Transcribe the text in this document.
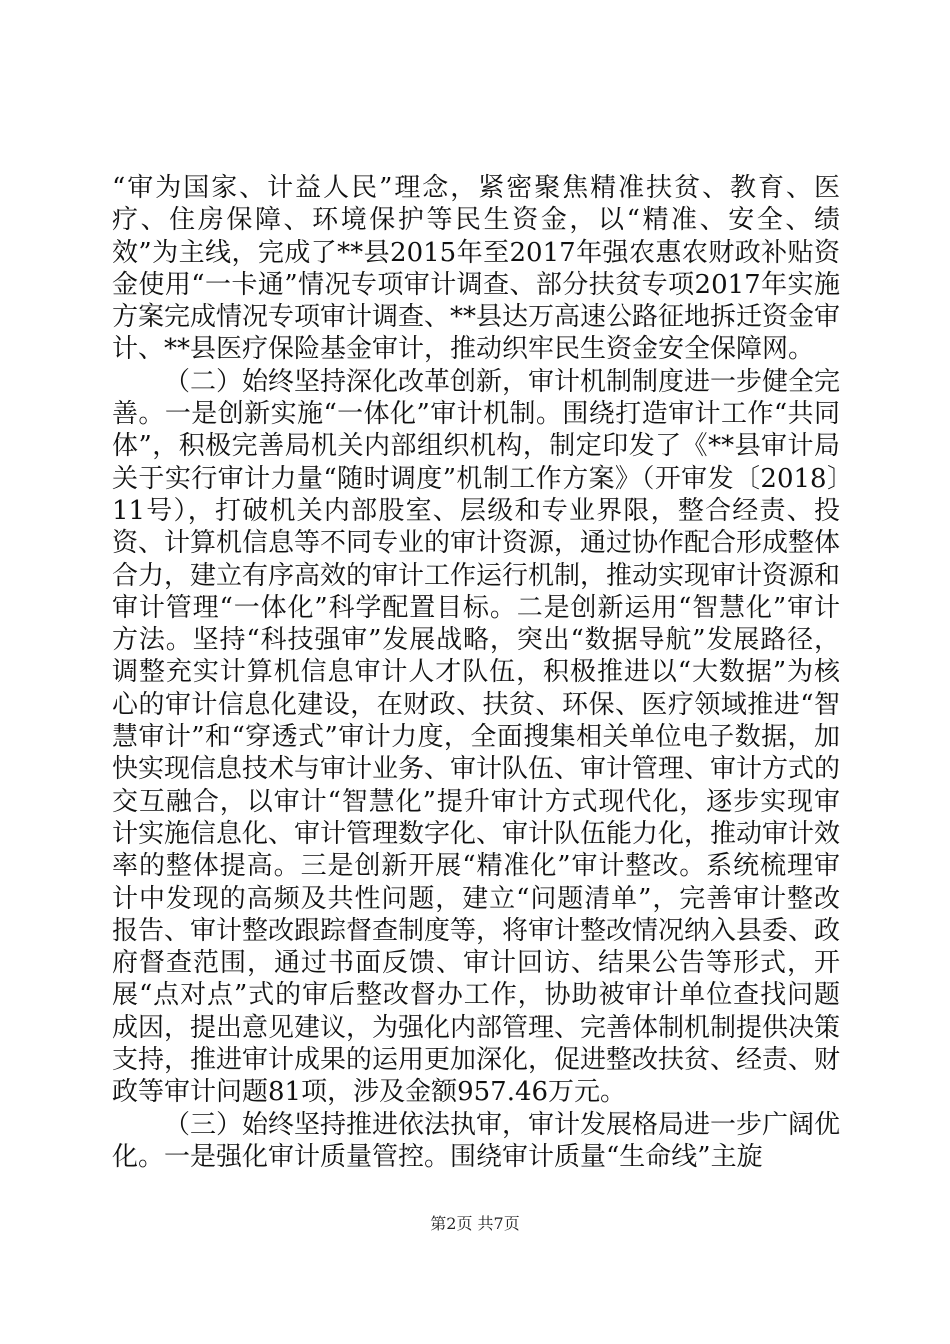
“审为国家、计益人民”理念，紧密聚焦精准扶贫、教育、医疗、住房保障、环境保护等民生资金，以“精准、安全、绩效”为主线，完成了**县2015年至2017年强农惠农财政补贴资金使用“一卡通”情况专项审计调查、部分扶贫专项2017年实施方案完成情况专项审计调查、**县达万高速公路征地拆迁资金审计、**县医疗保险基金审计，推动织牢民生资金安全保障网。

（二）始终坚持深化改革创新，审计机制制度进一步健全完善。一是创新实施“一体化”审计机制。围绕打造审计工作“共同体”，积极完善局机关内部组织机构，制定印发了《**县审计局关于实行审计力量“随时调度”机制工作方案》（开审发〔2018〕11号），打破机关内部股室、层级和专业界限，整合经责、投资、计算机信息等不同专业的审计资源，通过协作配合形成整体合力，建立有序高效的审计工作运行机制，推动实现审计资源和审计管理“一体化”科学配置目标。二是创新运用“智慧化”审计方法。坚持“科技强审”发展战略，突出“数据导航”发展路径，调整充实计算机信息审计人才队伍，积极推进以“大数据”为核心的审计信息化建设，在财政、扶贫、环保、医疗领域推进“智慧审计”和“穿透式”审计力度，全面搜集相关单位电子数据，加快实现信息技术与审计业务、审计队伍、审计管理、审计方式的交互融合，以审计“智慧化”提升审计方式现代化，逐步实现审计实施信息化、审计管理数字化、审计队伍能力化，推动审计效率的整体提高。三是创新开展“精准化”审计整改。系统梳理审计中发现的高频及共性问题，建立“问题清单”，完善审计整改报告、审计整改跟踪督查制度等，将审计整改情况纳入县委、政府督查范围，通过书面反馈、审计回访、结果公告等形式，开展“点对点”式的审后整改督办工作，协助被审计单位查找问题成因，提出意见建议，为强化内部管理、完善体制机制提供决策支持，推进审计成果的运用更加深化，促进整改扶贫、经责、财政等审计问题81项，涉及金额957.46万元。

（三）始终坚持推进依法执审，审计发展格局进一步广阔优化。一是强化审计质量管控。围绕审计质量“生命线”主旋

第2页 共7页
